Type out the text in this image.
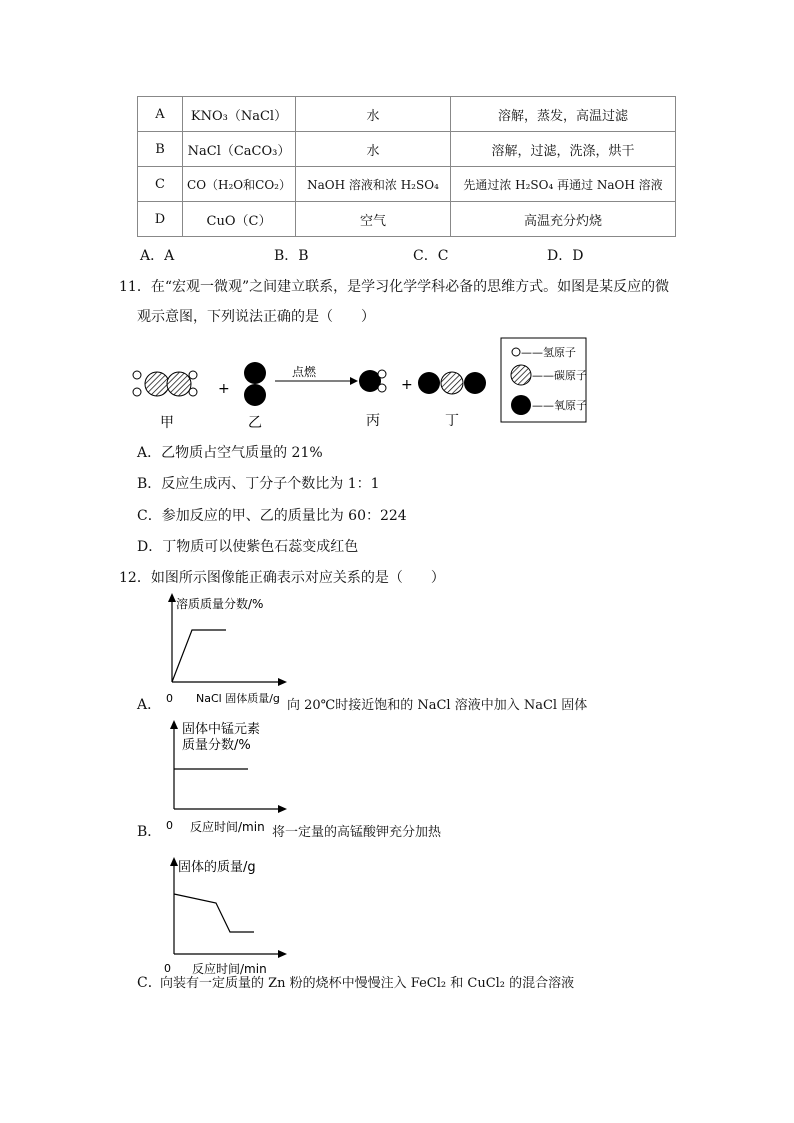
A	KNO₃（NaCl）	水	溶解，蒸发，高温过滤
B	NaCl（CaCO₃）	水	溶解，过滤，洗涤，烘干
C	CO（H₂O和CO₂）	NaOH 溶液和浓 H₂SO₄	先通过浓 H₂SO₄ 再通过 NaOH 溶液
D	CuO（C）	空气	高温充分灼烧
A．A	B．B	C．C	D．D
11．在“宏观一微观”之间建立联系，是学习化学学科必备的思维方式。如图是某反应的微
观示意图，下列说法正确的是（　　）
+
点燃
+
甲	乙	丙	丁
——氢原子
——碳原子
——氧原子
A．乙物质占空气质量的 21%
B．反应生成丙、丁分子个数比为 1：1
C．参加反应的甲、乙的质量比为 60：224
D．丁物质可以使紫色石蕊变成红色
12．如图所示图像能正确表示对应关系的是（　　）
溶质质量分数/%
0 NaCl 固体质量/g
A．	向 20℃时接近饱和的 NaCl 溶液中加入 NaCl 固体
固体中锰元素
质量分数/%
0 反应时间/min
B．	将一定量的高锰酸钾充分加热
固体的质量/g
0 反应时间/min
C．
向装有一定质量的 Zn 粉的烧杯中慢慢注入 FeCl₂ 和 CuCl₂ 的混合溶液
